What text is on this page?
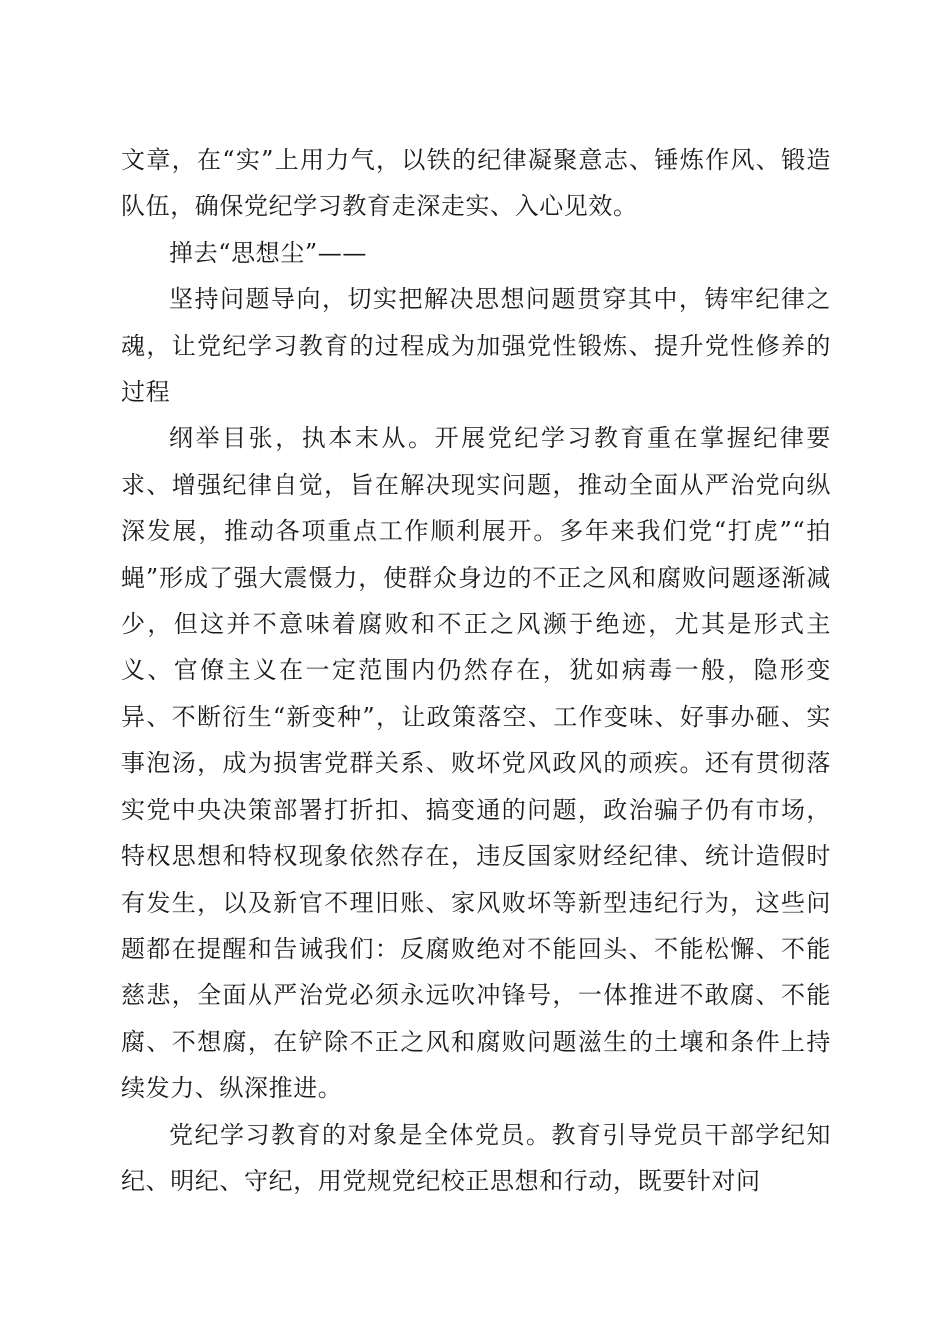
文章，在“实”上用力气，以铁的纪律凝聚意志、锤炼作风、锻造队伍，确保党纪学习教育走深走实、入心见效。

掸去“思想尘”——

坚持问题导向，切实把解决思想问题贯穿其中，铸牢纪律之魂，让党纪学习教育的过程成为加强党性锻炼、提升党性修养的过程

纲举目张，执本末从。开展党纪学习教育重在掌握纪律要求、增强纪律自觉，旨在解决现实问题，推动全面从严治党向纵深发展，推动各项重点工作顺利展开。多年来我们党“打虎”“拍蝇”形成了强大震慑力，使群众身边的不正之风和腐败问题逐渐减少，但这并不意味着腐败和不正之风濒于绝迹，尤其是形式主义、官僚主义在一定范围内仍然存在，犹如病毒一般，隐形变异、不断衍生“新变种”，让政策落空、工作变味、好事办砸、实事泡汤，成为损害党群关系、败坏党风政风的顽疾。还有贯彻落实党中央决策部署打折扣、搞变通的问题，政治骗子仍有市场，特权思想和特权现象依然存在，违反国家财经纪律、统计造假时有发生，以及新官不理旧账、家风败坏等新型违纪行为，这些问题都在提醒和告诫我们：反腐败绝对不能回头、不能松懈、不能慈悲，全面从严治党必须永远吹冲锋号，一体推进不敢腐、不能腐、不想腐，在铲除不正之风和腐败问题滋生的土壤和条件上持续发力、纵深推进。

党纪学习教育的对象是全体党员。教育引导党员干部学纪知纪、明纪、守纪，用党规党纪校正思想和行动，既要针对问
